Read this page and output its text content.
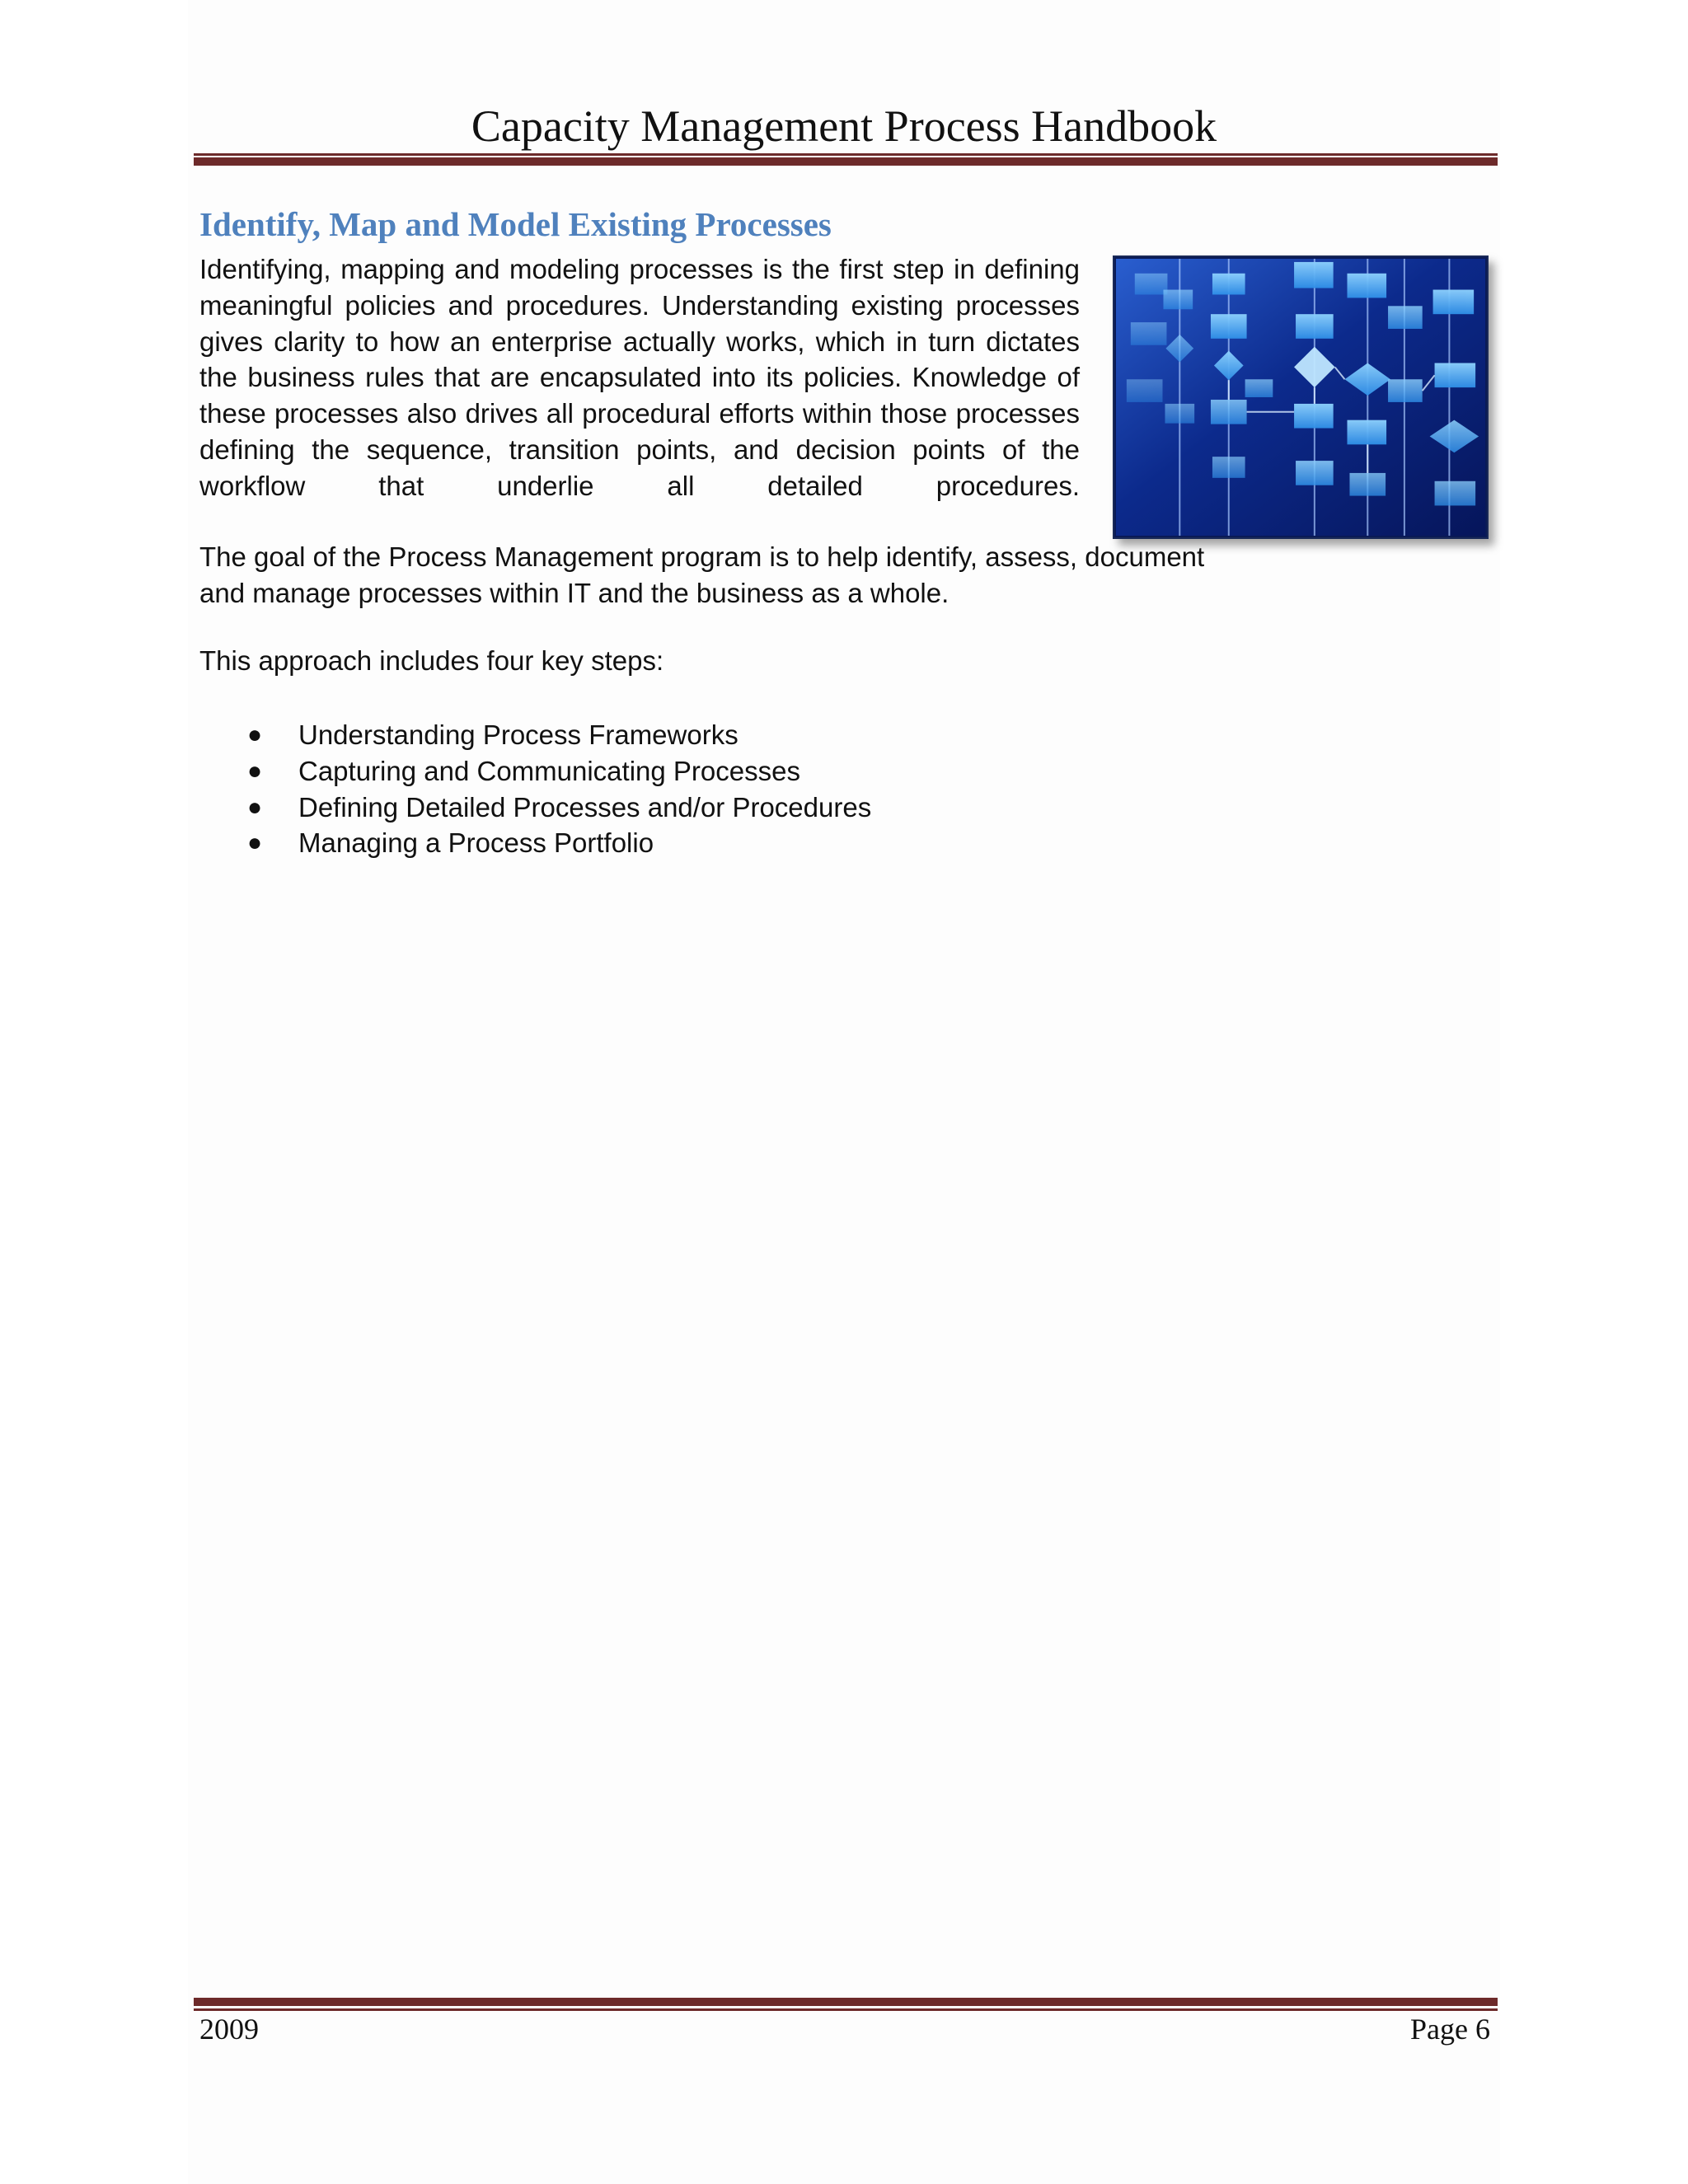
Capacity Management Process Handbook
Identify, Map and Model Existing Processes

Identifying, mapping and modeling processes is the first step in defining meaningful policies and procedures. Understanding existing processes gives clarity to how an enterprise actually works, which in turn dictates the business rules that are encapsulated into its policies. Knowledge of these processes also drives all procedural efforts within those processes defining the sequence, transition points, and decision points of the workflow that underlie all detailed procedures.

The goal of the Process Management program is to help identify, assess, document and manage processes within IT and the business as a whole.

This approach includes four key steps:

● Understanding Process Frameworks
● Capturing and Communicating Processes
● Defining Detailed Processes and/or Procedures
● Managing a Process Portfolio
2009	Page 6
